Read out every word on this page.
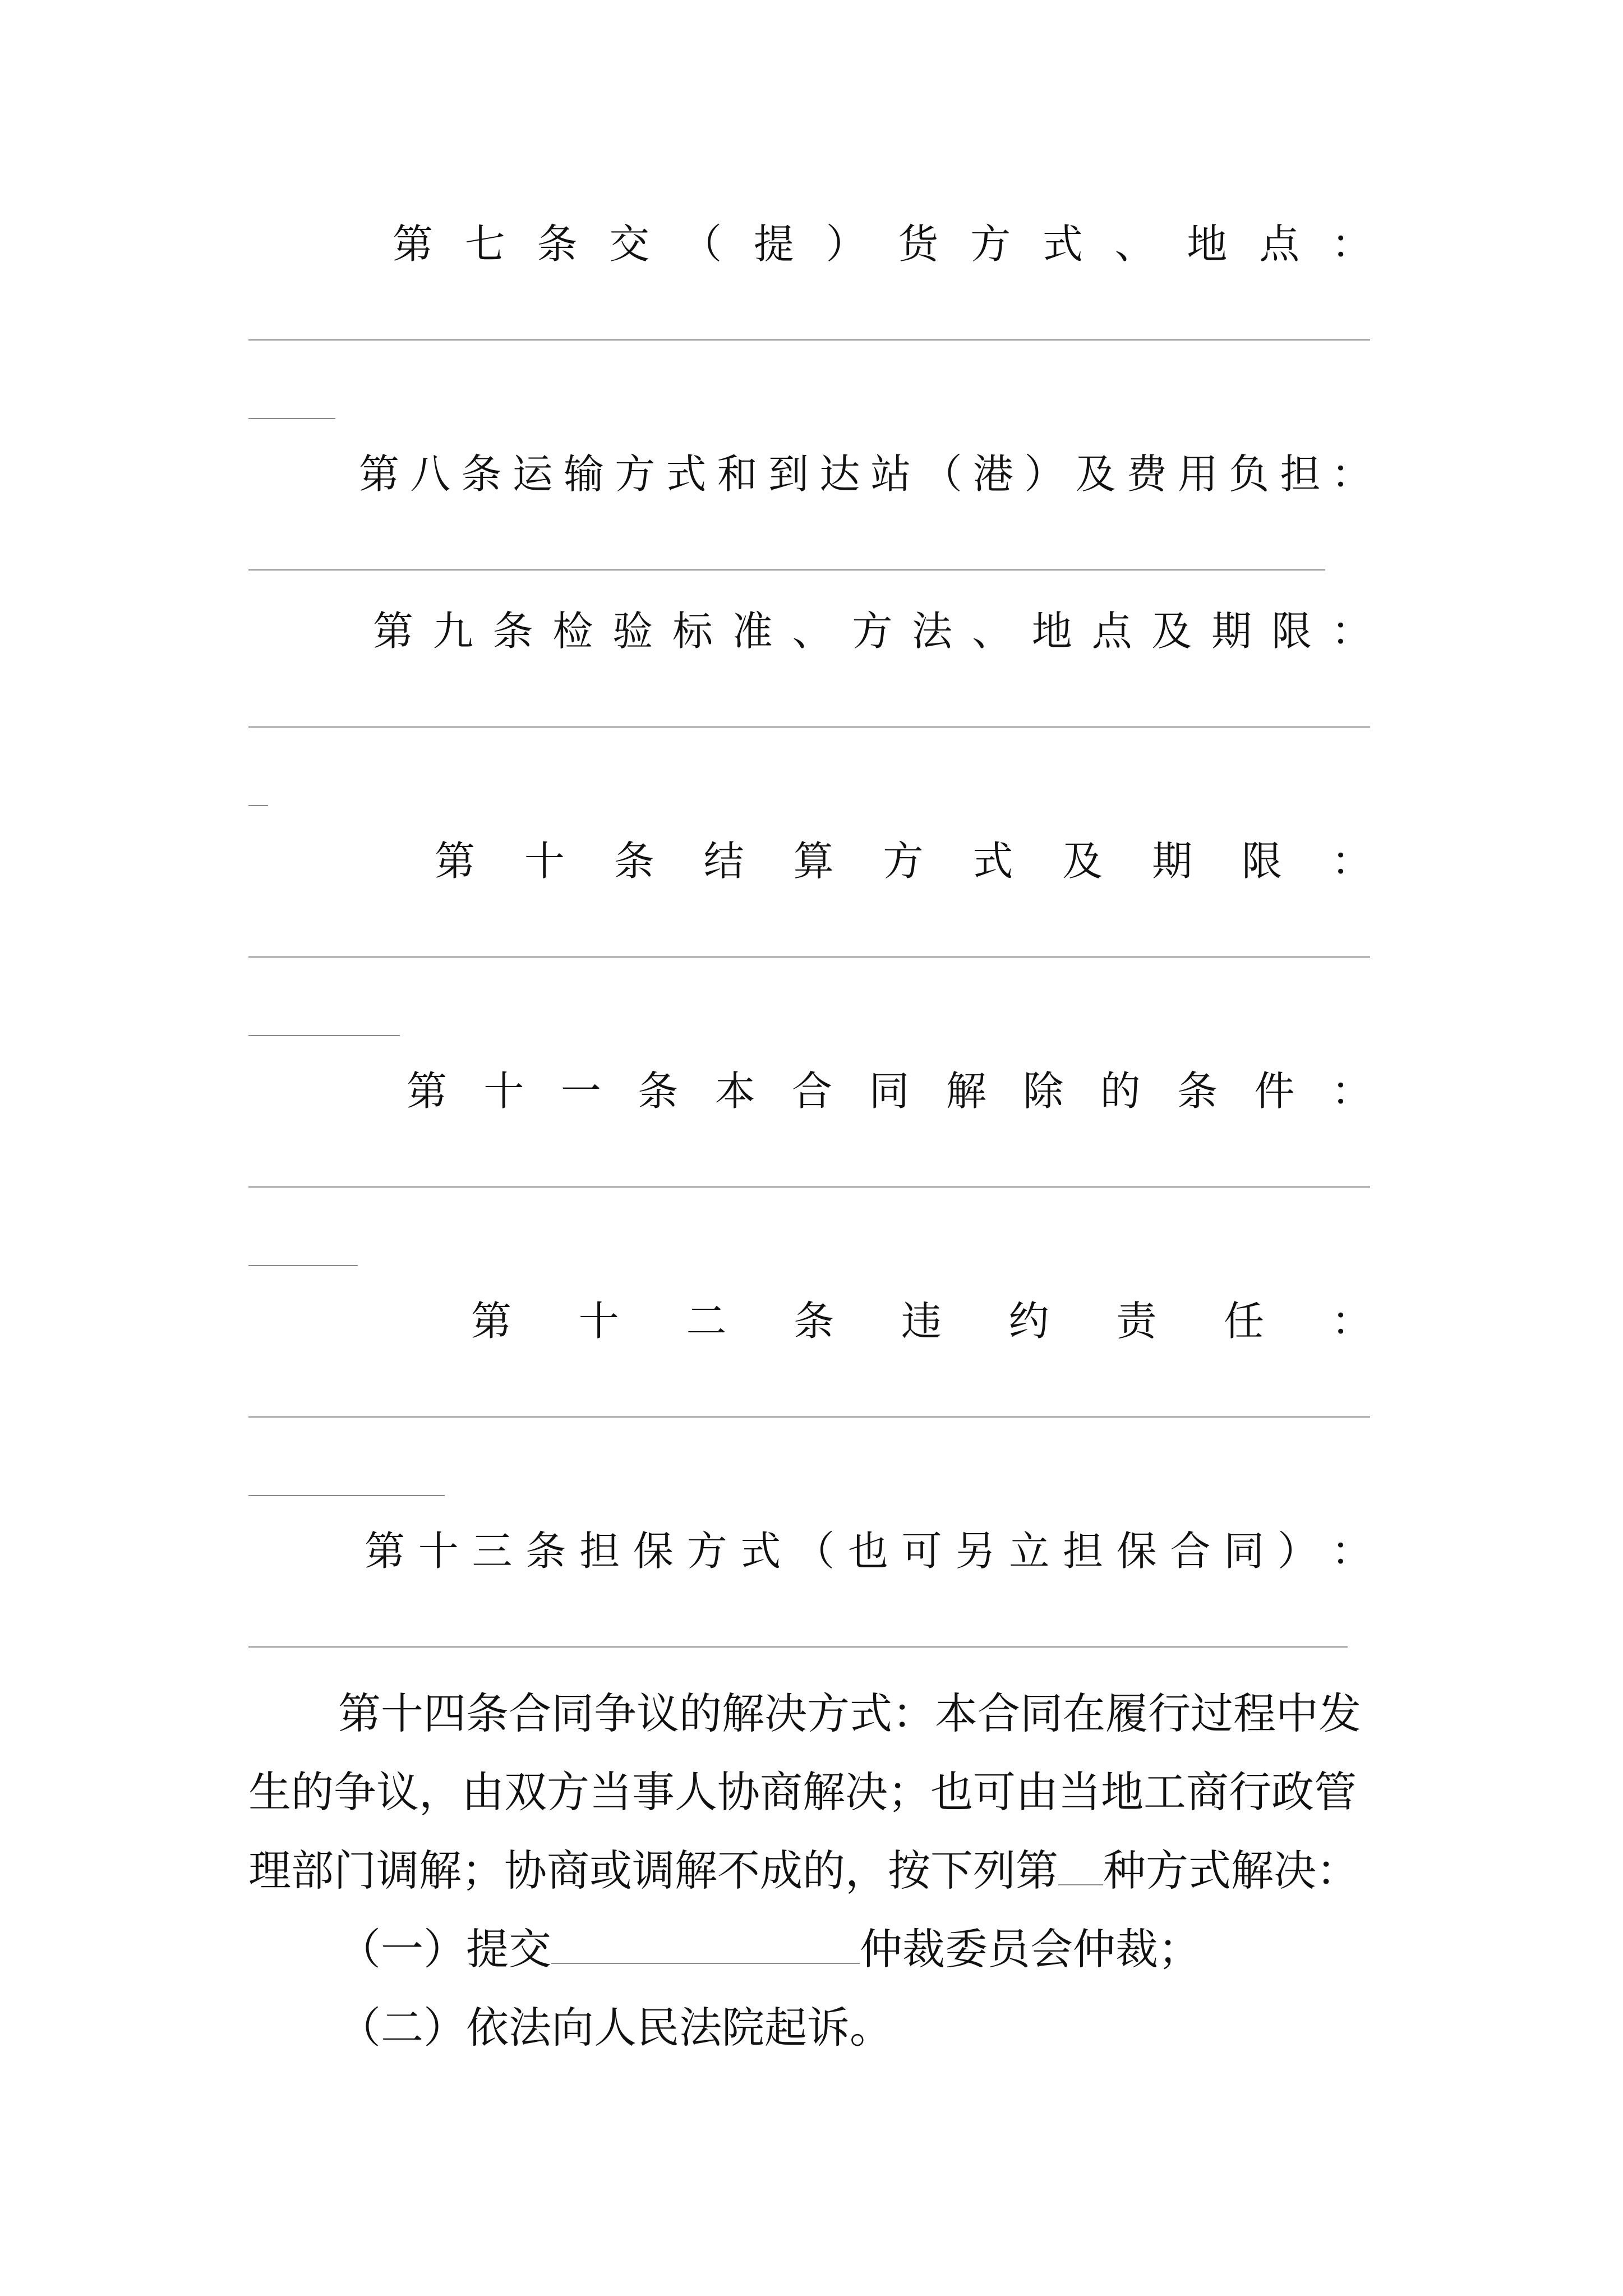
第 七 条 交 （ 提 ） 货 方 式 、 地 点 ：
第 八 条 运 输 方 式 和 到 达 站 （ 港 ） 及 费 用 负 担 ：
第 九 条 检 验 标 准 、 方 法 、 地 点 及 期 限 ：
第 十 条 结 算 方 式 及 期 限 ：
第 十 一 条 本 合 同 解 除 的 条 件 ：
第 十 二 条 违 约 责 任 ：
第 十 三 条 担 保 方 式 （ 也 可 另 立 担 保 合 同 ） ：
第十四条合同争议的解决方式：本合同在履行过程中发
生的争议，由双方当事人协商解决；也可由当地工商行政管
理部门调解；协商或调解不成的，按下列第 种方式解决：
（一）提交	仲裁委员会仲裁；
（二）依法向人民法院起诉。
